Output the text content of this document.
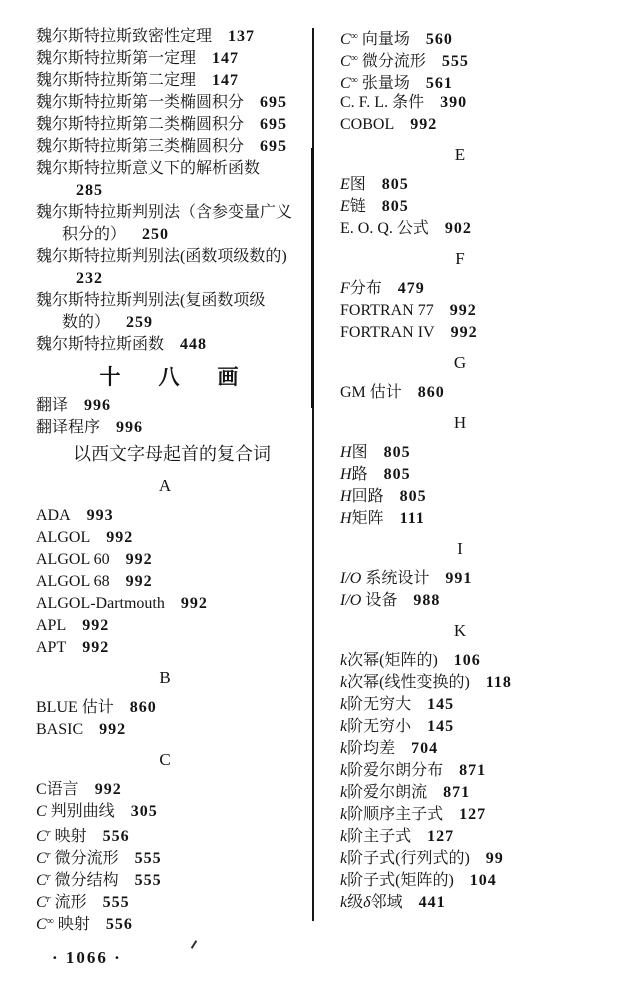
魏尔斯特拉斯致密性定理 137
魏尔斯特拉斯第一定理 147
魏尔斯特拉斯第二定理 147
魏尔斯特拉斯第一类椭圆积分 695
魏尔斯特拉斯第二类椭圆积分 695
魏尔斯特拉斯第三类椭圆积分 695
魏尔斯特拉斯意义下的解析函数
285
魏尔斯特拉斯判别法（含参变量广义
积分的） 250
魏尔斯特拉斯判别法(函数项级数的)
232
魏尔斯特拉斯判别法(复函数项级
数的） 259
魏尔斯特拉斯函数 448
十八画
翻译 996
翻译程序 996
以西文字母起首的复合词
A
ADA 993
ALGOL 992
ALGOL 60 992
ALGOL 68 992
ALGOL-Dartmouth 992
APL 992
APT 992
B
BLUE 估计 860
BASIC 992
C
C语言 992
C 判别曲线 305
$C^r$ 映射 556
$C^r$ 微分流形 555
$C^r$ 微分结构 555
$C^r$ 流形 555
C∞ 映射 556
C∞ 向量场 560
C∞ 微分流形 555
C∞ 张量场 561
C. F. L. 条件 390
COBOL 992
E
E图 805
E链 805
E. O. Q. 公式 902
F
F分布 479
FORTRAN 77 992
FORTRAN IV 992
G
GM 估计 860
H
H图 805
H路 805
H回路 805
H矩阵 111
I
I/O 系统设计 991
I/O 设备 988
K
k次幂(矩阵的) 106
k次幂(线性变换的) 118
k阶无穷大 145
k阶无穷小 145
k阶均差 704
k阶爱尔朗分布 871
k阶爱尔朗流 871
k阶顺序主子式 127
k阶主子式 127
k阶子式(行列式的) 99
k阶子式(矩阵的) 104
k级δ邻域 441
· 1066 ·
